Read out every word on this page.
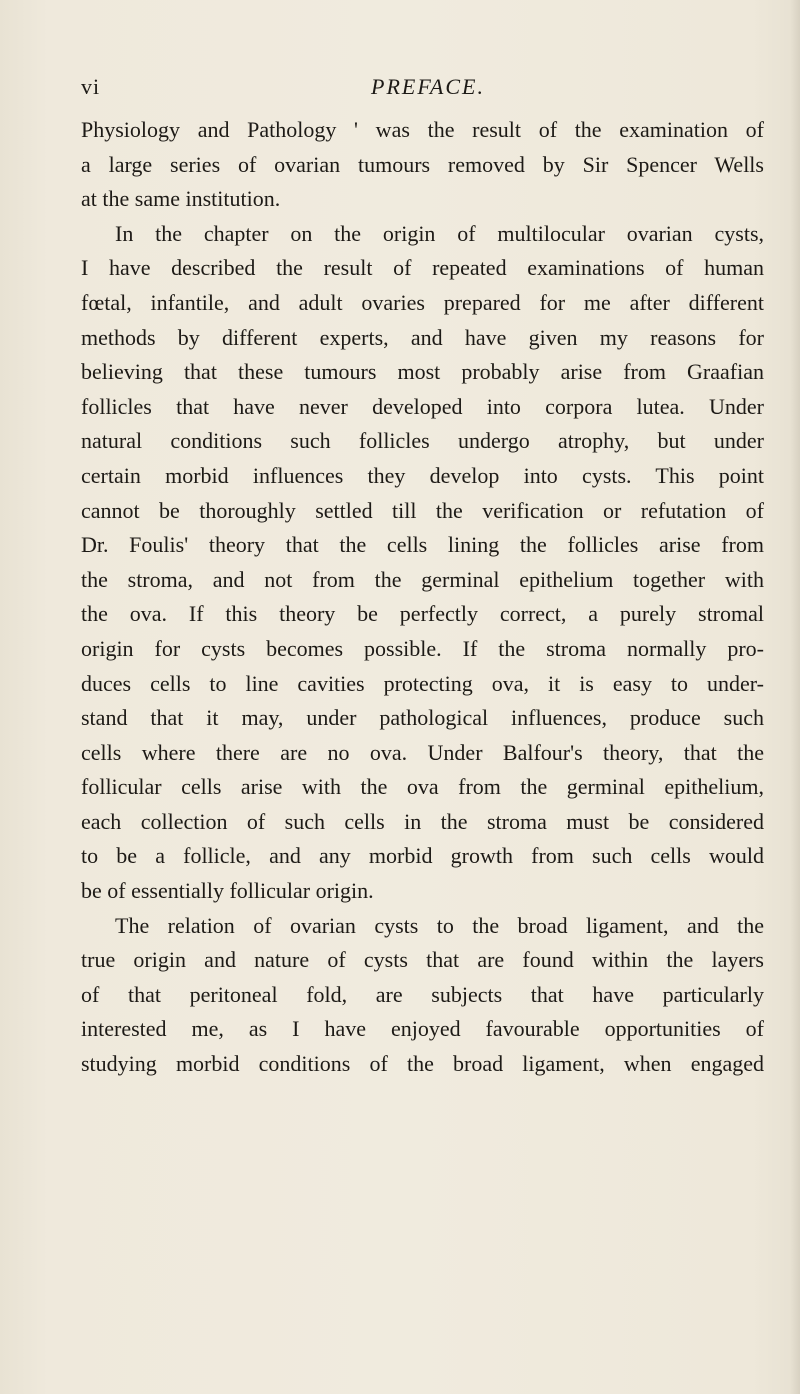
vi	PREFACE.
Physiology and Pathology ' was the result of the examination of
a large series of ovarian tumours removed by Sir Spencer Wells
at the same institution.
In the chapter on the origin of multilocular ovarian cysts,
I have described the result of repeated examinations of human
fœtal, infantile, and adult ovaries prepared for me after different
methods by different experts, and have given my reasons for
believing that these tumours most probably arise from Graafian
follicles that have never developed into corpora lutea. Under
natural conditions such follicles undergo atrophy, but under
certain morbid influences they develop into cysts. This point
cannot be thoroughly settled till the verification or refutation of
Dr. Foulis' theory that the cells lining the follicles arise from
the stroma, and not from the germinal epithelium together with
the ova. If this theory be perfectly correct, a purely stromal
origin for cysts becomes possible. If the stroma normally pro-
duces cells to line cavities protecting ova, it is easy to under-
stand that it may, under pathological influences, produce such
cells where there are no ova. Under Balfour's theory, that the
follicular cells arise with the ova from the germinal epithelium,
each collection of such cells in the stroma must be considered
to be a follicle, and any morbid growth from such cells would
be of essentially follicular origin.
The relation of ovarian cysts to the broad ligament, and the
true origin and nature of cysts that are found within the layers
of that peritoneal fold, are subjects that have particularly
interested me, as I have enjoyed favourable opportunities of
studying morbid conditions of the broad ligament, when engaged
